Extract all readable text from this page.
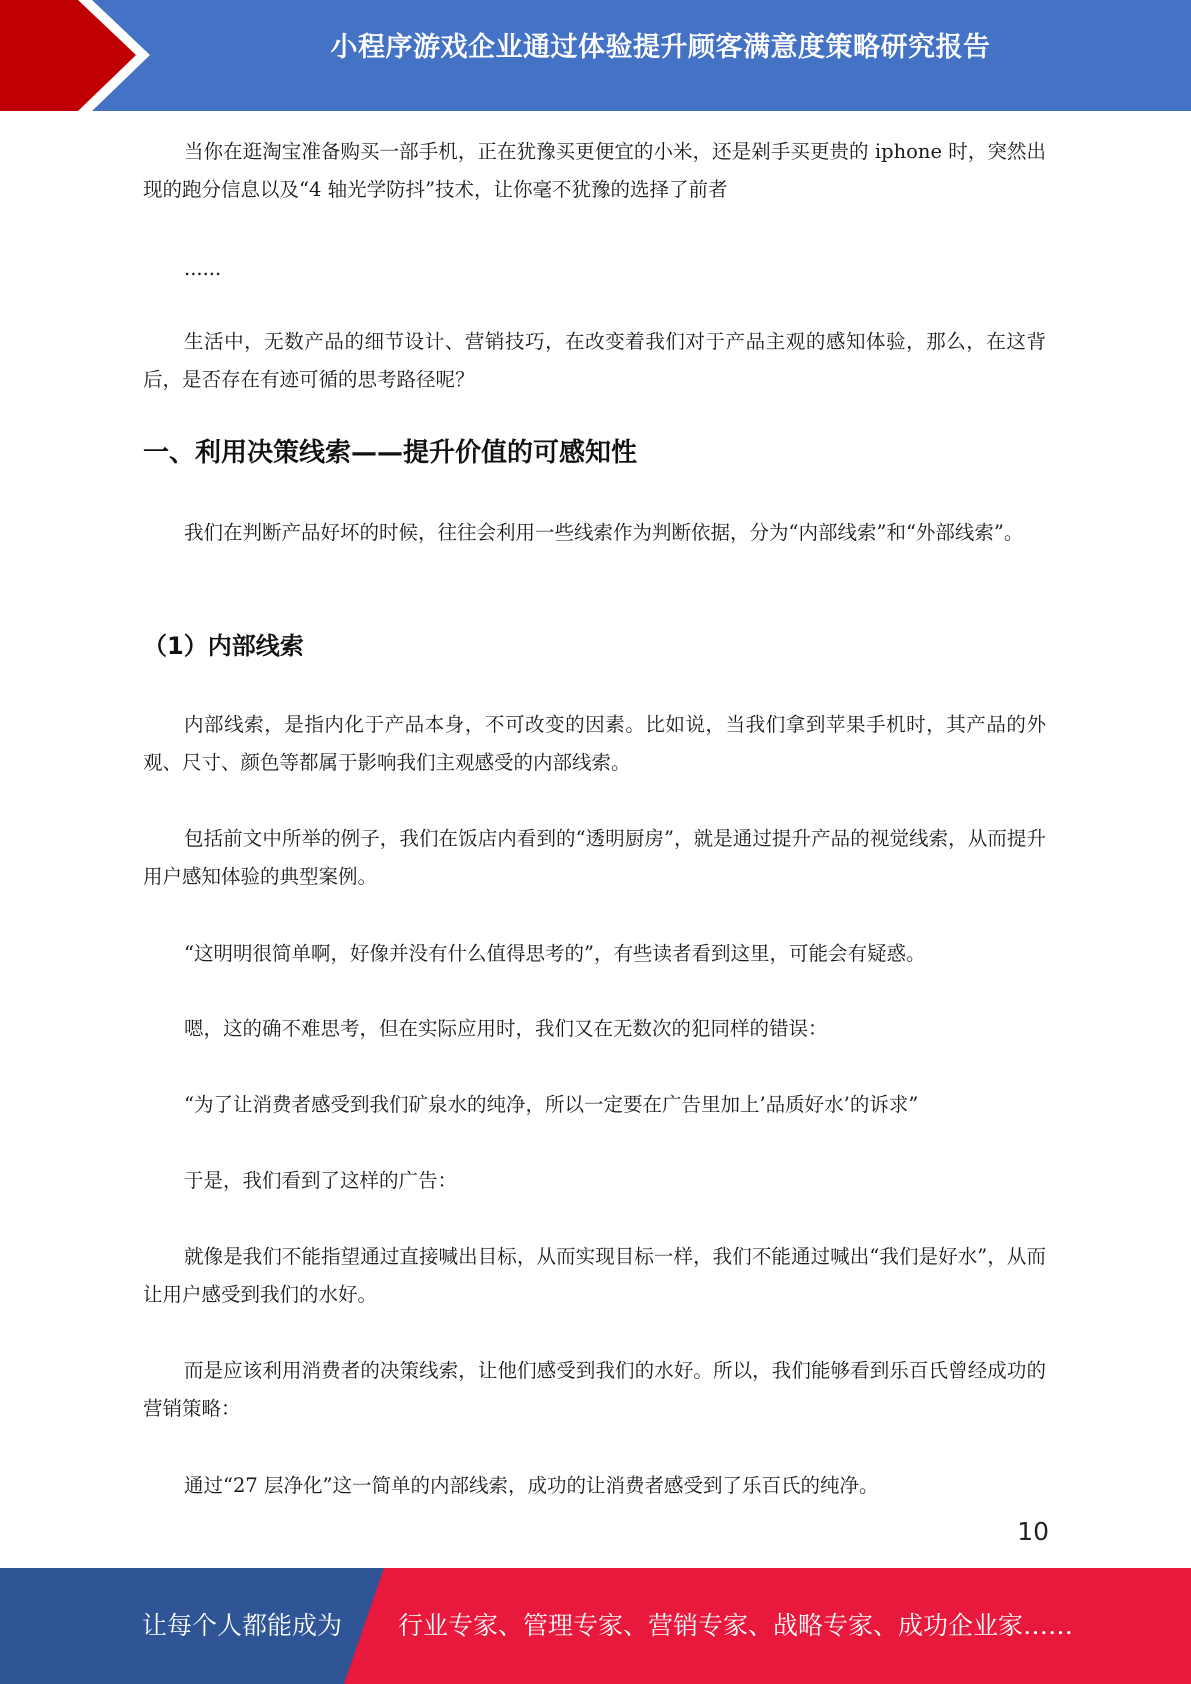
小程序游戏企业通过体验提升顾客满意度策略研究报告

当你在逛淘宝准备购买一部手机，正在犹豫买更便宜的小米，还是剁手买更贵的 iphone 时，突然出现的跑分信息以及“4 轴光学防抖”技术，让你毫不犹豫的选择了前者

......

生活中，无数产品的细节设计、营销技巧，在改变着我们对于产品主观的感知体验，那么，在这背后，是否存在有迹可循的思考路径呢？

一、利用决策线索——提升价值的可感知性

我们在判断产品好坏的时候，往往会利用一些线索作为判断依据，分为“内部线索”和“外部线索”。

（1）内部线索

内部线索，是指内化于产品本身，不可改变的因素。比如说，当我们拿到苹果手机时，其产品的外观、尺寸、颜色等都属于影响我们主观感受的内部线索。

包括前文中所举的例子，我们在饭店内看到的“透明厨房”，就是通过提升产品的视觉线索，从而提升用户感知体验的典型案例。

“这明明很简单啊，好像并没有什么值得思考的”，有些读者看到这里，可能会有疑惑。

嗯，这的确不难思考，但在实际应用时，我们又在无数次的犯同样的错误：

“为了让消费者感受到我们矿泉水的纯净，所以一定要在广告里加上’品质好水’的诉求”

于是，我们看到了这样的广告：

就像是我们不能指望通过直接喊出目标，从而实现目标一样，我们不能通过喊出“我们是好水”，从而让用户感受到我们的水好。

而是应该利用消费者的决策线索，让他们感受到我们的水好。所以，我们能够看到乐百氏曾经成功的营销策略：

通过“27 层净化”这一简单的内部线索，成功的让消费者感受到了乐百氏的纯净。

10
让每个人都能成为 行业专家、管理专家、营销专家、战略专家、成功企业家……
